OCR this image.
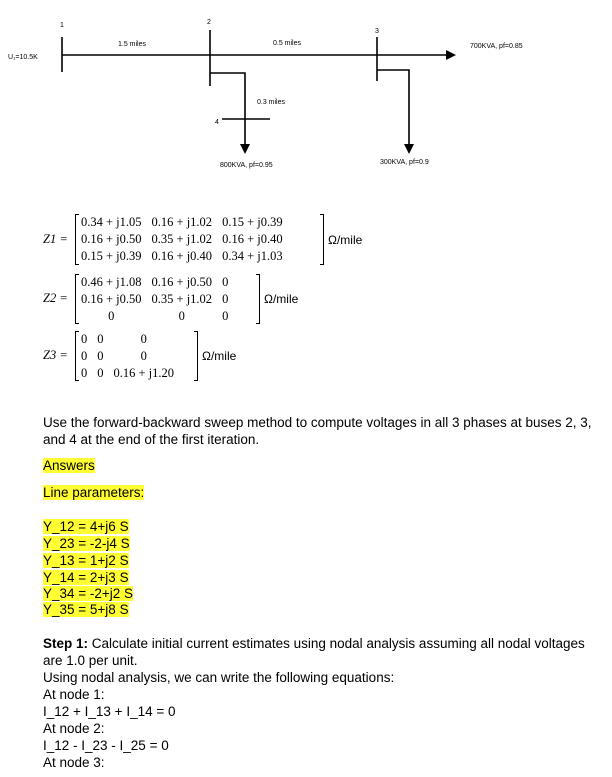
1	2
3
4
U₁=10.5K
1.5 miles	0.5 miles
0.3 miles
700KVA, pf=0.85
800KVA, pf=0.95	300KVA, pf=0.9
Z1 =
0.34 + j1.05	0.16 + j1.02	0.15 + j0.39
0.16 + j0.50	0.35 + j1.02	0.16 + j0.40
0.15 + j0.39	0.16 + j0.40	0.34 + j1.03
Ω/mile
Z2 =
0.46 + j1.08	0.16 + j0.50	0
0.16 + j0.50	0.35 + j1.02	0
0	0	0
Ω/mile
Z3 =
0	0	0
0	0	0
0	0	0.16 + j1.20
Ω/mile
Use the forward-backward sweep method to compute voltages in all 3 phases at buses 2, 3, and 4 at the end of the first iteration.
Answers
Line parameters:
Y_12 = 4+j6 S
Y_23 = -2-j4 S
Y_13 = 1+j2 S
Y_14 = 2+j3 S
Y_34 = -2+j2 S
Y_35 = 5+j8 S
Step 1: Calculate initial current estimates using nodal analysis assuming all nodal voltages are 1.0 per unit.
Using nodal analysis, we can write the following equations:
At node 1:
I_12 + I_13 + I_14 = 0
At node 2:
I_12 - I_23 - I_25 = 0
At node 3:
